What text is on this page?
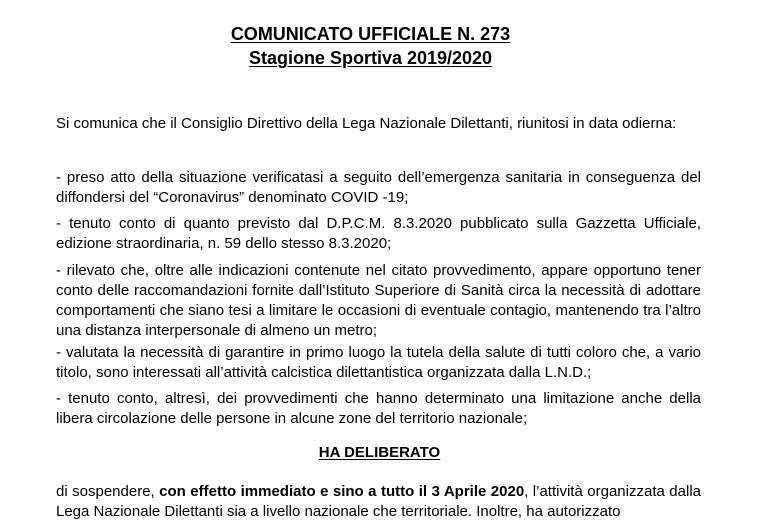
COMUNICATO UFFICIALE N. 273
Stagione Sportiva 2019/2020

Si comunica che il Consiglio Direttivo della Lega Nazionale Dilettanti, riunitosi in data odierna:

- preso atto della situazione verificatasi a seguito dell’emergenza sanitaria in conseguenza del diffondersi del “Coronavirus” denominato COVID -19;

- tenuto conto di quanto previsto dal D.P.C.M. 8.3.2020 pubblicato sulla Gazzetta Ufficiale, edizione straordinaria, n. 59 dello stesso 8.3.2020;

- rilevato che, oltre alle indicazioni contenute nel citato provvedimento, appare opportuno tener conto delle raccomandazioni fornite dall’Istituto Superiore di Sanità circa la necessità di adottare comportamenti che siano tesi a limitare le occasioni di eventuale contagio, mantenendo tra l’altro una distanza interpersonale di almeno un metro;

- valutata la necessità di garantire in primo luogo la tutela della salute di tutti coloro che, a vario titolo, sono interessati all’attività calcistica dilettantistica organizzata dalla L.N.D.;

- tenuto conto, altresì, dei provvedimenti che hanno determinato una limitazione anche della libera circolazione delle persone in alcune zone del territorio nazionale;

HA DELIBERATO

di sospendere, con effetto immediato e sino a tutto il 3 Aprile 2020, l’attività organizzata dalla Lega Nazionale Dilettanti sia a livello nazionale che territoriale. Inoltre, ha autorizzato
